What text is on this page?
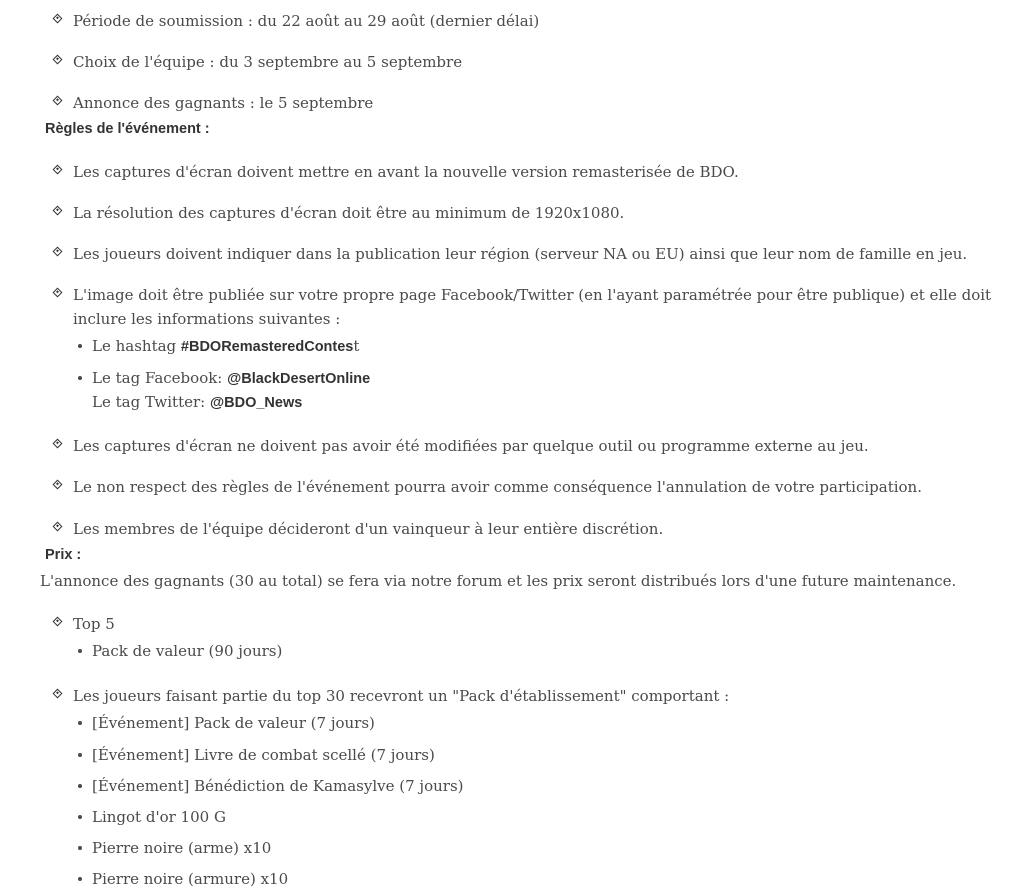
Période de soumission : du 22 août au 29 août (dernier délai)
Choix de l'équipe : du 3 septembre au 5 septembre
Annonce des gagnants : le 5 septembre
Règles de l'événement :
Les captures d'écran doivent mettre en avant la nouvelle version remasterisée de BDO.
La résolution des captures d'écran doit être au minimum de 1920x1080.
Les joueurs doivent indiquer dans la publication leur région (serveur NA ou EU) ainsi que leur nom de famille en jeu.
L'image doit être publiée sur votre propre page Facebook/Twitter (en l'ayant paramétrée pour être publique) et elle doit inclure les informations suivantes :
Le hashtag #BDORemasteredContest
Le tag Facebook: @BlackDesertOnline
Le tag Twitter: @BDO_News
Les captures d'écran ne doivent pas avoir été modifiées par quelque outil ou programme externe au jeu.
Le non respect des règles de l'événement pourra avoir comme conséquence l'annulation de votre participation.
Les membres de l'équipe décideront d'un vainqueur à leur entière discrétion.
Prix :
L'annonce des gagnants (30 au total) se fera via notre forum et les prix seront distribués lors d'une future maintenance.
Top 5
Pack de valeur (90 jours)
Les joueurs faisant partie du top 30 recevront un "Pack d'établissement" comportant :
[Événement] Pack de valeur (7 jours)
[Événement] Livre de combat scellé (7 jours)
[Événement] Bénédiction de Kamasylve (7 jours)
Lingot d'or 100 G
Pierre noire (arme) x10
Pierre noire (armure) x10
